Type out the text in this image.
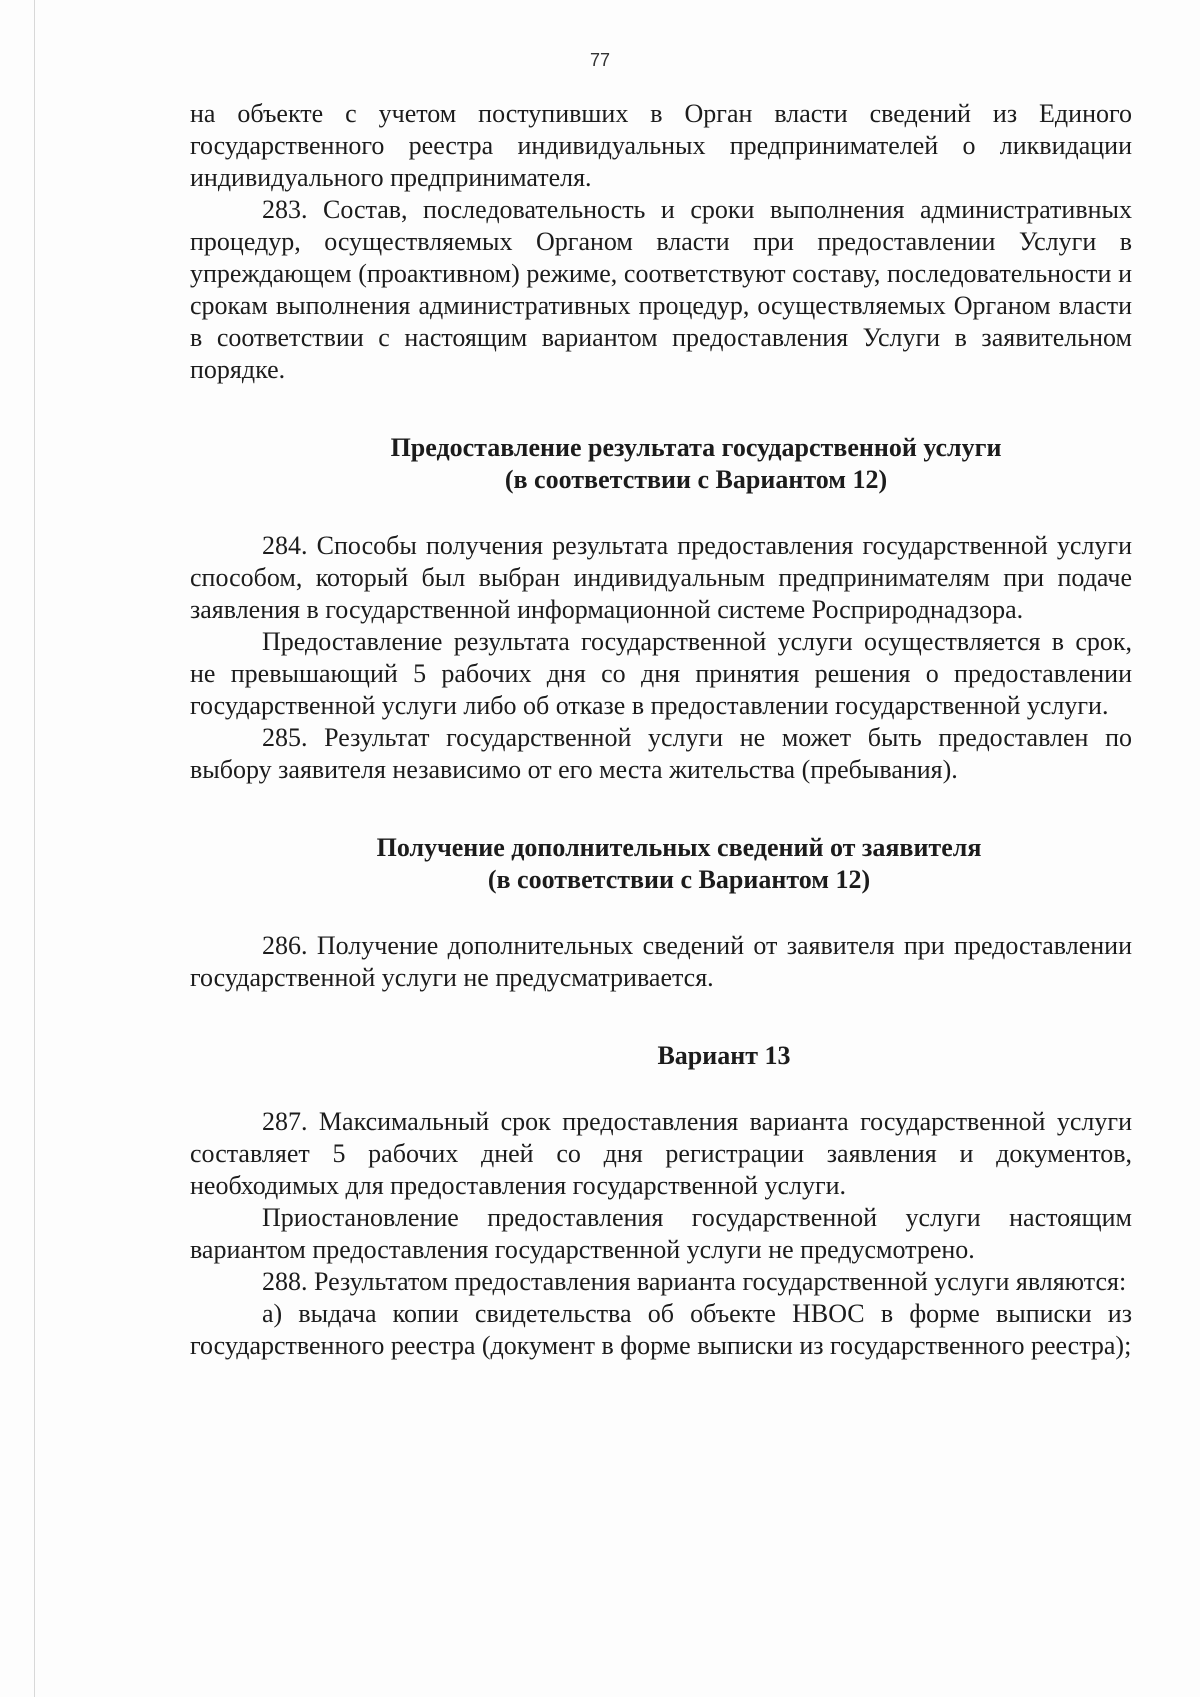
77

на объекте с учетом поступивших в Орган власти сведений из Единого государственного реестра индивидуальных предпринимателей о ликвидации индивидуального предпринимателя.

283. Состав, последовательность и сроки выполнения административных процедур, осуществляемых Органом власти при предоставлении Услуги в упреждающем (проактивном) режиме, соответствуют составу, последовательности и срокам выполнения административных процедур, осуществляемых Органом власти в соответствии с настоящим вариантом предоставления Услуги в заявительном порядке.

Предоставление результата государственной услуги
(в соответствии с Вариантом 12)

284. Способы получения результата предоставления государственной услуги способом, который был выбран индивидуальным предпринимателям при подаче заявления в государственной информационной системе Росприроднадзора.

Предоставление результата государственной услуги осуществляется в срок, не превышающий 5 рабочих дня со дня принятия решения о предоставлении государственной услуги либо об отказе в предоставлении государственной услуги.

285. Результат государственной услуги не может быть предоставлен по выбору заявителя независимо от его места жительства (пребывания).

Получение дополнительных сведений от заявителя
(в соответствии с Вариантом 12)

286. Получение дополнительных сведений от заявителя при предоставлении государственной услуги не предусматривается.

Вариант 13

287. Максимальный срок предоставления варианта государственной услуги составляет 5 рабочих дней со дня регистрации заявления и документов, необходимых для предоставления государственной услуги.

Приостановление предоставления государственной услуги настоящим вариантом предоставления государственной услуги не предусмотрено.

288. Результатом предоставления варианта государственной услуги являются:

а) выдача копии свидетельства об объекте НВОС в форме выписки из государственного реестра (документ в форме выписки из государственного реестра);
